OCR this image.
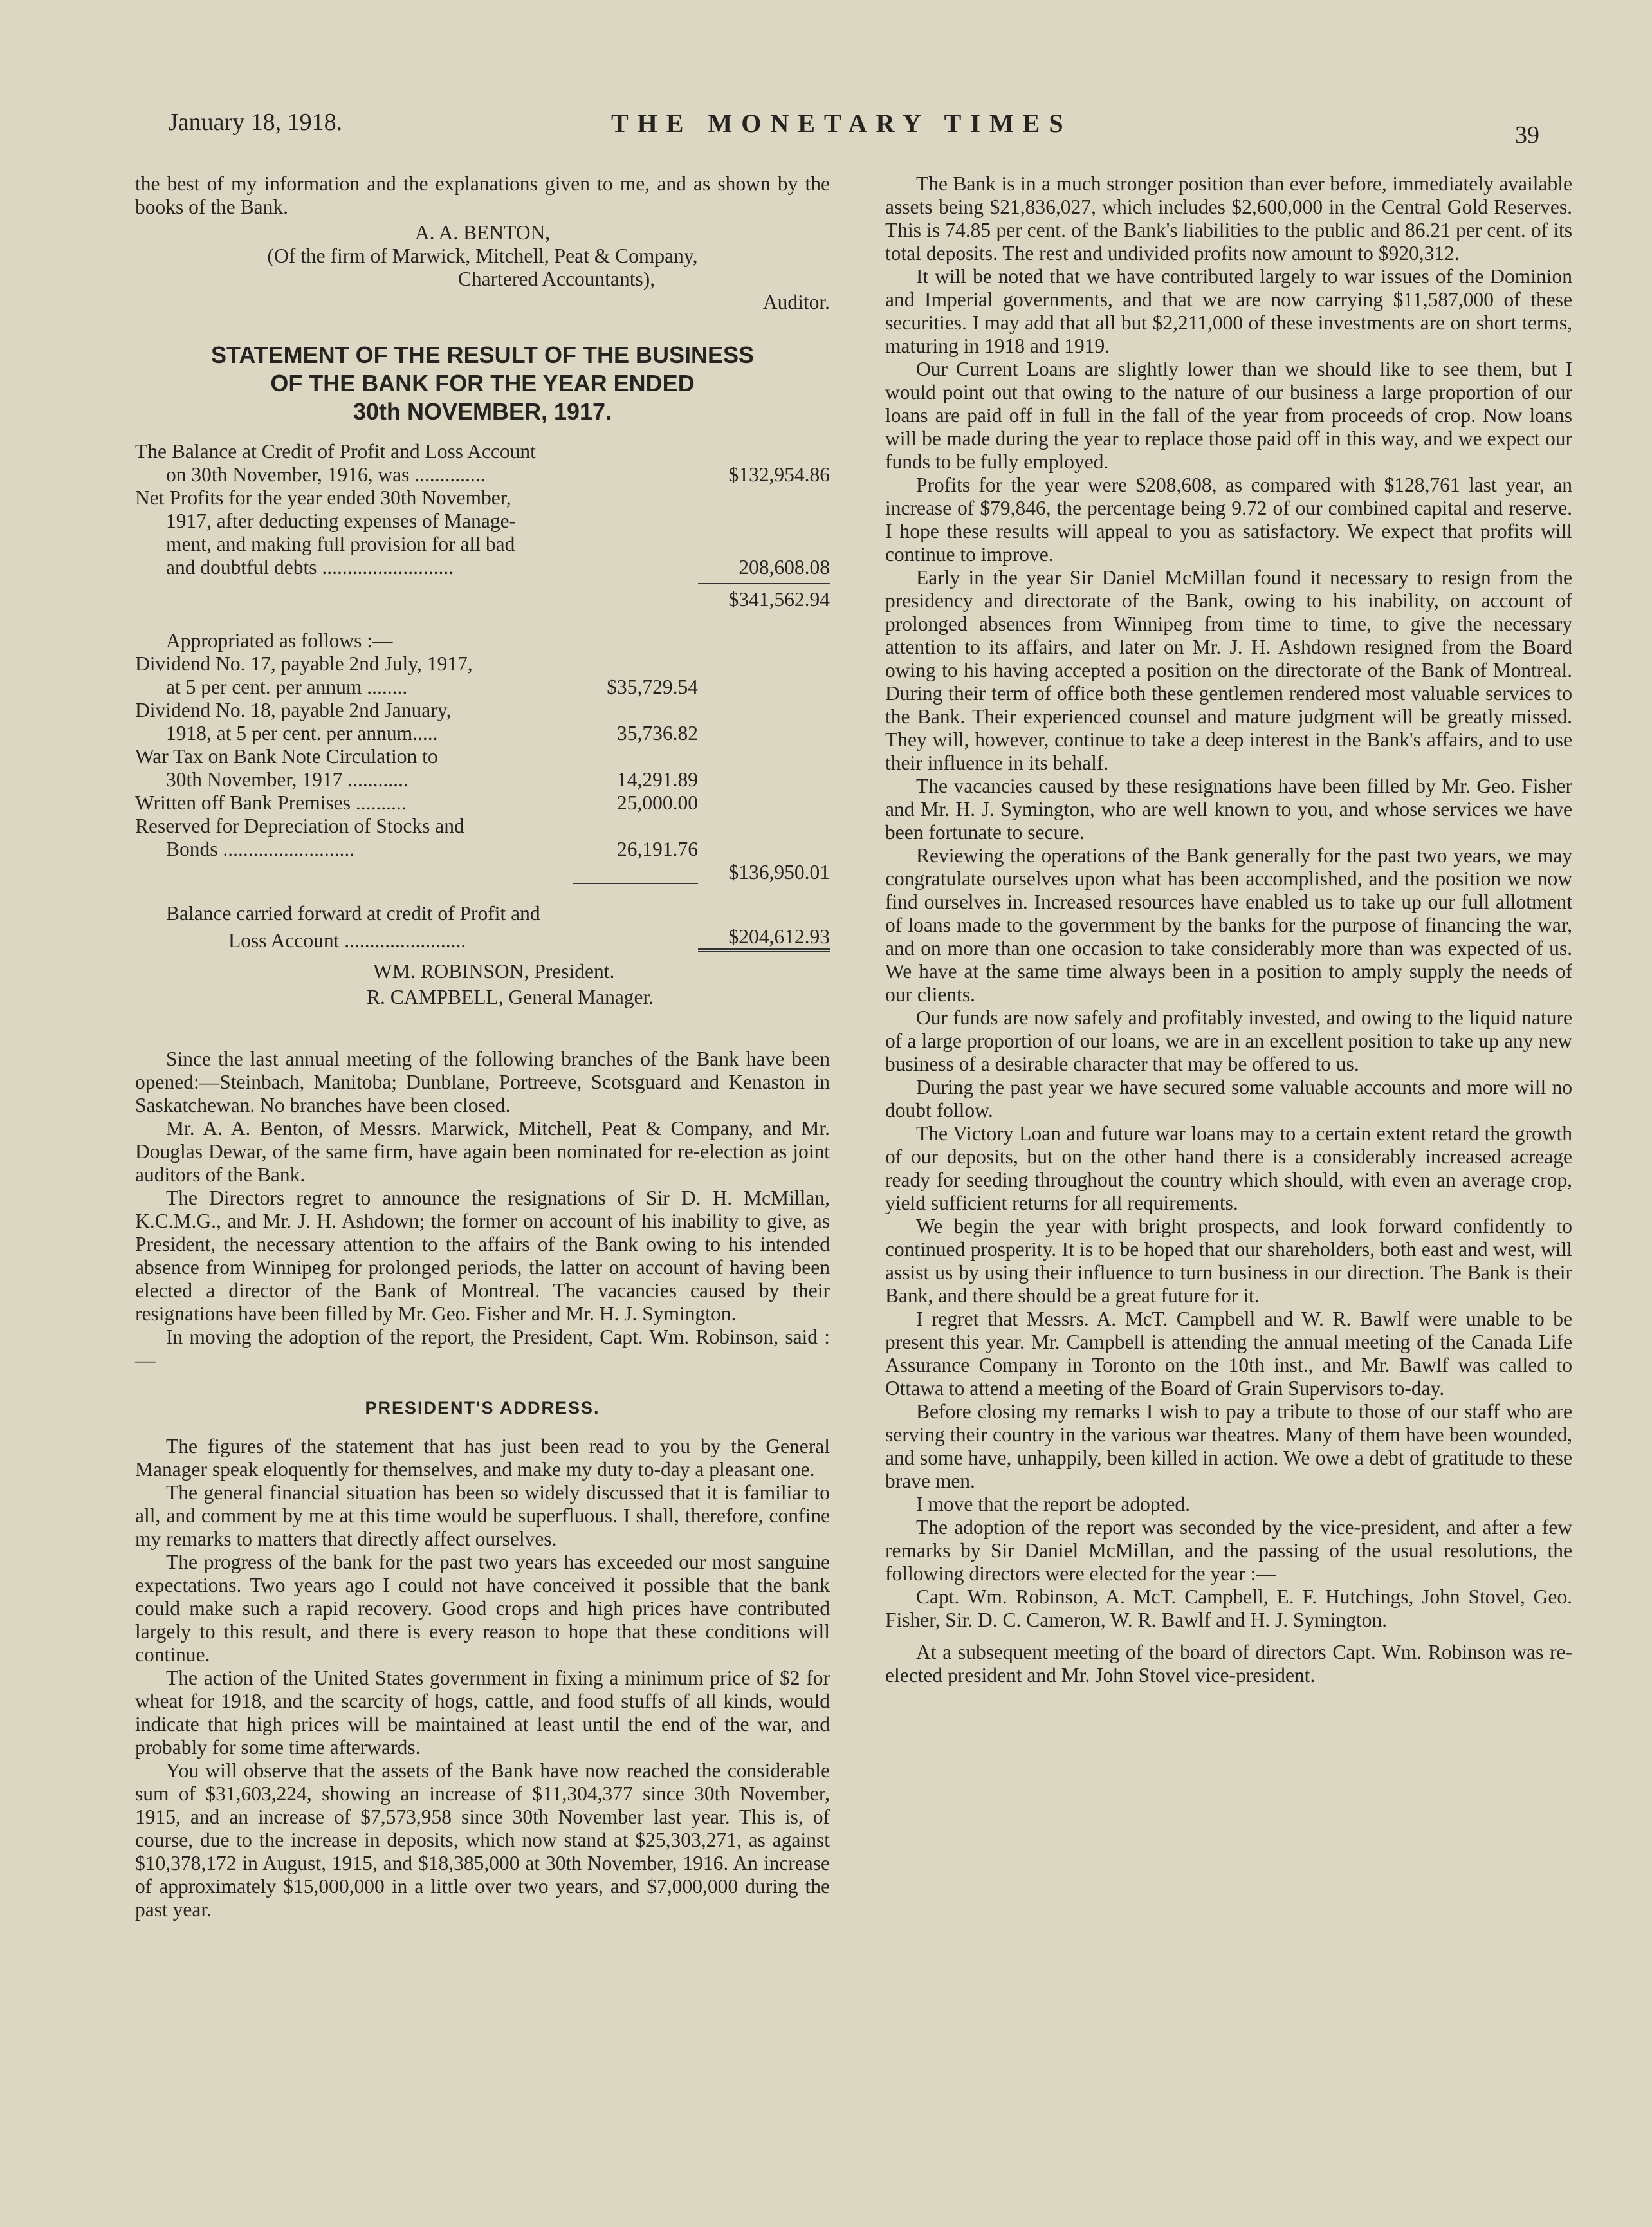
January 18, 1918.	THE MONETARY TIMES	39

the best of my information and the explanations given to me, and as shown by the books of the Bank.

A. A. BENTON,
(Of the firm of Marwick, Mitchell, Peat & Company,
Chartered Accountants),
Auditor.
STATEMENT OF THE RESULT OF THE BUSINESS
OF THE BANK FOR THE YEAR ENDED
30th NOVEMBER, 1917.
The Balance at Credit of Profit and Loss Account
on 30th November, 1916, was ..............	$132,954.86
Net Profits for the year ended 30th November,
1917, after deducting expenses of Manage-
ment, and making full provision for all bad
and doubtful debts ..........................	208,608.08
$341,562.94
Appropriated as follows :—
Dividend No. 17, payable 2nd July, 1917,
at 5 per cent. per annum ........	$35,729.54
Dividend No. 18, payable 2nd January,
1918, at 5 per cent. per annum.....	35,736.82
War Tax on Bank Note Circulation to
30th November, 1917 ............	14,291.89
Written off Bank Premises ..........	25,000.00
Reserved for Depreciation of Stocks and
Bonds ..........................	26,191.76
$136,950.01
Balance carried forward at credit of Profit and
Loss Account ........................	$204,612.93
WM. ROBINSON, President.
R. CAMPBELL, General Manager.

Since the last annual meeting of the following branches of the Bank have been opened:—Steinbach, Manitoba; Dunblane, Portreeve, Scotsguard and Kenaston in Saskatchewan. No branches have been closed.

Mr. A. A. Benton, of Messrs. Marwick, Mitchell, Peat & Company, and Mr. Douglas Dewar, of the same firm, have again been nominated for re-election as joint auditors of the Bank.

The Directors regret to announce the resignations of Sir D. H. McMillan, K.C.M.G., and Mr. J. H. Ashdown; the former on account of his inability to give, as President, the necessary attention to the affairs of the Bank owing to his intended absence from Winnipeg for prolonged periods, the latter on account of having been elected a director of the Bank of Montreal. The vacancies caused by their resignations have been filled by Mr. Geo. Fisher and Mr. H. J. Symington.

In moving the adoption of the report, the President, Capt. Wm. Robinson, said :—

PRESIDENT'S ADDRESS.

The figures of the statement that has just been read to you by the General Manager speak eloquently for themselves, and make my duty to-day a pleasant one.

The general financial situation has been so widely discussed that it is familiar to all, and comment by me at this time would be superfluous. I shall, therefore, confine my remarks to matters that directly affect ourselves.

The progress of the bank for the past two years has exceeded our most sanguine expectations. Two years ago I could not have conceived it possible that the bank could make such a rapid recovery. Good crops and high prices have contributed largely to this result, and there is every reason to hope that these conditions will continue.

The action of the United States government in fixing a minimum price of $2 for wheat for 1918, and the scarcity of hogs, cattle, and food stuffs of all kinds, would indicate that high prices will be maintained at least until the end of the war, and probably for some time afterwards.

You will observe that the assets of the Bank have now reached the considerable sum of $31,603,224, showing an increase of $11,304,377 since 30th November, 1915, and an increase of $7,573,958 since 30th November last year. This is, of course, due to the increase in deposits, which now stand at $25,303,271, as against $10,378,172 in August, 1915, and $18,385,000 at 30th November, 1916. An increase of approximately $15,000,000 in a little over two years, and $7,000,000 during the past year.

The Bank is in a much stronger position than ever before, immediately available assets being $21,836,027, which includes $2,600,000 in the Central Gold Reserves. This is 74.85 per cent. of the Bank's liabilities to the public and 86.21 per cent. of its total deposits. The rest and undivided profits now amount to $920,312.

It will be noted that we have contributed largely to war issues of the Dominion and Imperial governments, and that we are now carrying $11,587,000 of these securities. I may add that all but $2,211,000 of these investments are on short terms, maturing in 1918 and 1919.

Our Current Loans are slightly lower than we should like to see them, but I would point out that owing to the nature of our business a large proportion of our loans are paid off in full in the fall of the year from proceeds of crop. Now loans will be made during the year to replace those paid off in this way, and we expect our funds to be fully employed.

Profits for the year were $208,608, as compared with $128,761 last year, an increase of $79,846, the percentage being 9.72 of our combined capital and reserve. I hope these results will appeal to you as satisfactory. We expect that profits will continue to improve.

Early in the year Sir Daniel McMillan found it necessary to resign from the presidency and directorate of the Bank, owing to his inability, on account of prolonged absences from Winnipeg from time to time, to give the necessary attention to its affairs, and later on Mr. J. H. Ashdown resigned from the Board owing to his having accepted a position on the directorate of the Bank of Montreal. During their term of office both these gentlemen rendered most valuable services to the Bank. Their experienced counsel and mature judgment will be greatly missed. They will, however, continue to take a deep interest in the Bank's affairs, and to use their influence in its behalf.

The vacancies caused by these resignations have been filled by Mr. Geo. Fisher and Mr. H. J. Symington, who are well known to you, and whose services we have been fortunate to secure.

Reviewing the operations of the Bank generally for the past two years, we may congratulate ourselves upon what has been accomplished, and the position we now find ourselves in. Increased resources have enabled us to take up our full allotment of loans made to the government by the banks for the purpose of financing the war, and on more than one occasion to take considerably more than was expected of us. We have at the same time always been in a position to amply supply the needs of our clients.

Our funds are now safely and profitably invested, and owing to the liquid nature of a large proportion of our loans, we are in an excellent position to take up any new business of a desirable character that may be offered to us.

During the past year we have secured some valuable accounts and more will no doubt follow.

The Victory Loan and future war loans may to a certain extent retard the growth of our deposits, but on the other hand there is a considerably increased acreage ready for seeding throughout the country which should, with even an average crop, yield sufficient returns for all requirements.

We begin the year with bright prospects, and look forward confidently to continued prosperity. It is to be hoped that our shareholders, both east and west, will assist us by using their influence to turn business in our direction. The Bank is their Bank, and there should be a great future for it.

I regret that Messrs. A. McT. Campbell and W. R. Bawlf were unable to be present this year. Mr. Campbell is attending the annual meeting of the Canada Life Assurance Company in Toronto on the 10th inst., and Mr. Bawlf was called to Ottawa to attend a meeting of the Board of Grain Supervisors to-day.

Before closing my remarks I wish to pay a tribute to those of our staff who are serving their country in the various war theatres. Many of them have been wounded, and some have, unhappily, been killed in action. We owe a debt of gratitude to these brave men.

I move that the report be adopted.

The adoption of the report was seconded by the vice-president, and after a few remarks by Sir Daniel McMillan, and the passing of the usual resolutions, the following directors were elected for the year :—

Capt. Wm. Robinson, A. McT. Campbell, E. F. Hutchings, John Stovel, Geo. Fisher, Sir. D. C. Cameron, W. R. Bawlf and H. J. Symington.

At a subsequent meeting of the board of directors Capt. Wm. Robinson was re-elected president and Mr. John Stovel vice-president.
